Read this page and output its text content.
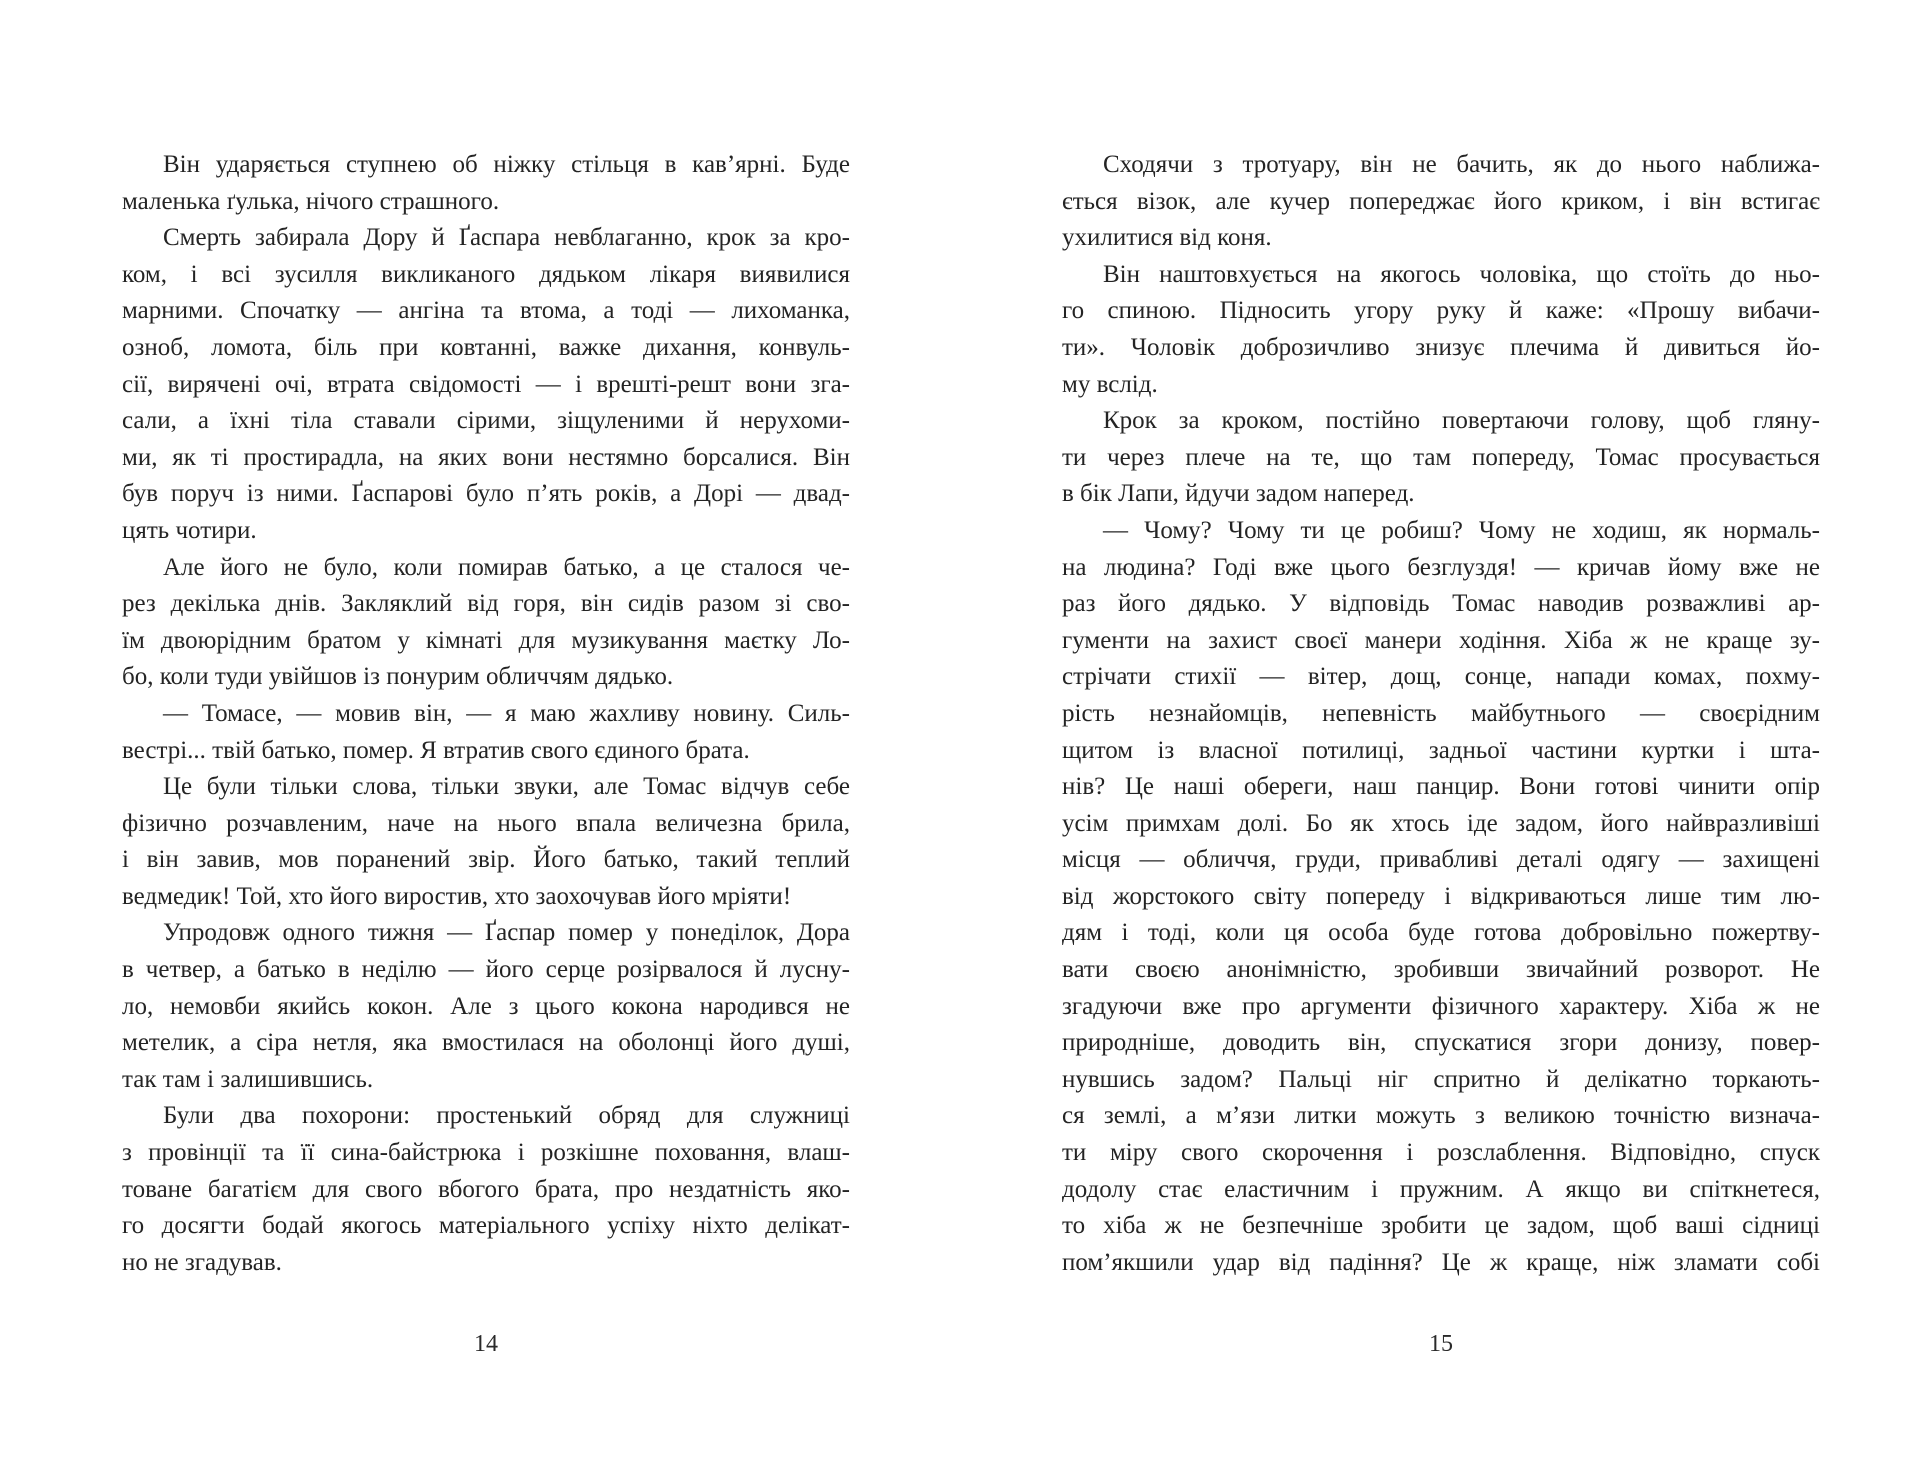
Він ударяється ступнею об ніжку стільця в кав’ярні. Буде
маленька ґулька, нічого страшного.
Смерть забирала Дору й Ґаспара невблаганно, крок за кро-
ком, і всі зусилля викликаного дядьком лікаря виявилися
марними. Спочатку — ангіна та втома, а тоді — лихоманка,
озноб, ломота, біль при ковтанні, важке дихання, конвуль-
сії, вирячені очі, втрата свідомості — і врешті-решт вони зга-
сали, а їхні тіла ставали сірими, зіщуленими й нерухоми-
ми, як ті простирадла, на яких вони нестямно борсалися. Він
був поруч із ними. Ґаспарові було п’ять років, а Дорі — двад-
цять чотири.
Але його не було, коли помирав батько, а це сталося че-
рез декілька днів. Закляклий від горя, він сидів разом зі сво-
їм двоюрідним братом у кімнаті для музикування маєтку Ло-
бо, коли туди увійшов із понурим обличчям дядько.
— Томасе, — мовив він, — я маю жахливу новину. Силь-
вестрі... твій батько, помер. Я втратив свого єдиного брата.
Це були тільки слова, тільки звуки, але Томас відчув себе
фізично розчавленим, наче на нього впала величезна брила,
і він завив, мов поранений звір. Його батько, такий теплий
ведмедик! Той, хто його виростив, хто заохочував його мріяти!
Упродовж одного тижня — Ґаспар помер у понеділок, Дора
в четвер, а батько в неділю — його серце розірвалося й лусну-
ло, немовби якийсь кокон. Але з цього кокона народився не
метелик, а сіра нетля, яка вмостилася на оболонці його душі,
так там і залишившись.
Були два похорони: простенький обряд для служниці
з провінції та її сина-байстрюка і розкішне поховання, влаш-
товане багатієм для свого вбогого брата, про нездатність яко-
го досягти бодай якогось матеріального успіху ніхто делікат-
но не згадував.
14
Сходячи з тротуару, він не бачить, як до нього наближа-
ється візок, але кучер попереджає його криком, і він встигає
ухилитися від коня.
Він наштовхується на якогось чоловіка, що стоїть до ньо-
го спиною. Підносить угору руку й каже: «Прошу вибачи-
ти». Чоловік доброзичливо знизує плечима й дивиться йо-
му вслід.
Крок за кроком, постійно повертаючи голову, щоб гляну-
ти через плече на те, що там попереду, Томас просувається
в бік Лапи, йдучи задом наперед.
— Чому? Чому ти це робиш? Чому не ходиш, як нормаль-
на людина? Годі вже цього безглуздя! — кричав йому вже не
раз його дядько. У відповідь Томас наводив розважливі ар-
гументи на захист своєї манери ходіння. Хіба ж не краще зу-
стрічати стихії — вітер, дощ, сонце, напади комах, похму-
рість незнайомців, непевність майбутнього — своєрідним
щитом із власної потилиці, задньої частини куртки і шта-
нів? Це наші обереги, наш панцир. Вони готові чинити опір
усім примхам долі. Бо як хтось іде задом, його найвразливіші
місця — обличчя, груди, привабливі деталі одягу — захищені
від жорстокого світу попереду і відкриваються лише тим лю-
дям і тоді, коли ця особа буде готова добровільно пожертву-
вати своєю анонімністю, зробивши звичайний розворот. Не
згадуючи вже про аргументи фізичного характеру. Хіба ж не
природніше, доводить він, спускатися згори донизу, повер-
нувшись задом? Пальці ніг спритно й делікатно торкають-
ся землі, а м’язи литки можуть з великою точністю визнача-
ти міру свого скорочення і розслаблення. Відповідно, спуск
додолу стає еластичним і пружним. А якщо ви спіткнетеся,
то хіба ж не безпечніше зробити це задом, щоб ваші сідниці
пом’якшили удар від падіння? Це ж краще, ніж зламати собі
15
